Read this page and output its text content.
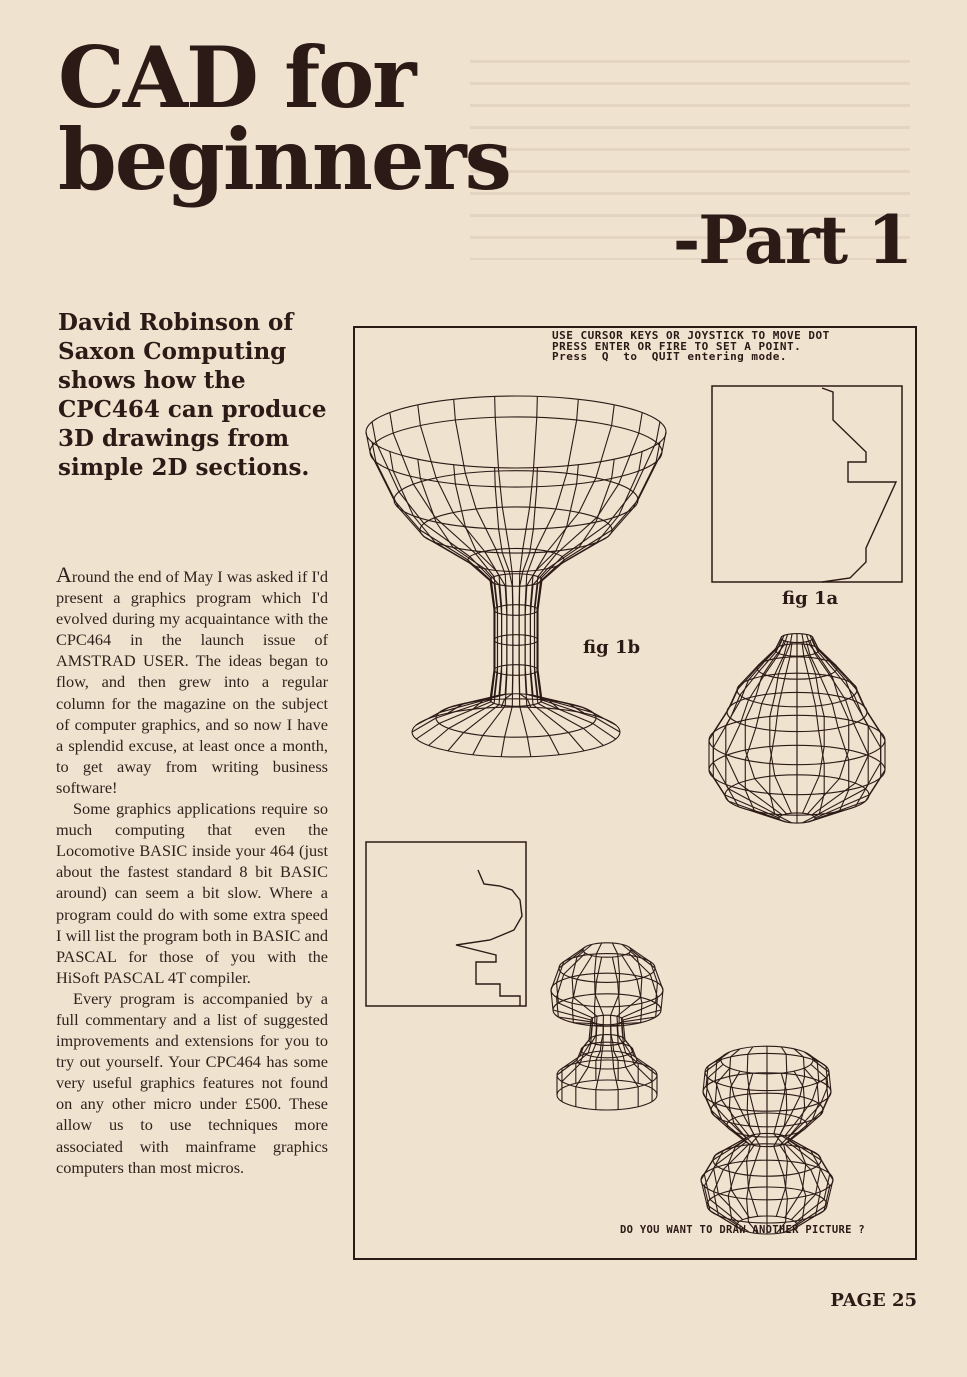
CAD for
beginners
-Part 1
David Robinson of
Saxon Computing
shows how the
CPC464 can produce
3D drawings from
simple 2D sections.

Around the end of May I was asked if I'd present a graphics program which I'd evolved during my acquaintance with the CPC464 in the launch issue of AMSTRAD USER. The ideas began to flow, and then grew into a regular column for the magazine on the subject of computer graphics, and so now I have a splendid excuse, at least once a month, to get away from writing business software!

Some graphics applications require so much computing that even the Locomotive BASIC inside your 464 (just about the fastest standard 8 bit BASIC around) can seem a bit slow. Where a program could do with some extra speed I will list the program both in BASIC and PASCAL for those of you with the HiSoft PASCAL 4T compiler.

Every program is accompanied by a full commentary and a list of suggested improvements and extensions for you to try out yourself. Your CPC464 has some very useful graphics features not found on any other micro under £500. These allow us to use techniques more associated with mainframe graphics computers than most micros.

USE CURSOR KEYS OR JOYSTICK TO MOVE DOT
PRESS ENTER OR FIRE TO SET A POINT.
Press  Q  to  QUIT entering mode.
fig 1a
fig 1b
DO YOU WANT TO DRAW ANOTHER PICTURE ?
PAGE 25
